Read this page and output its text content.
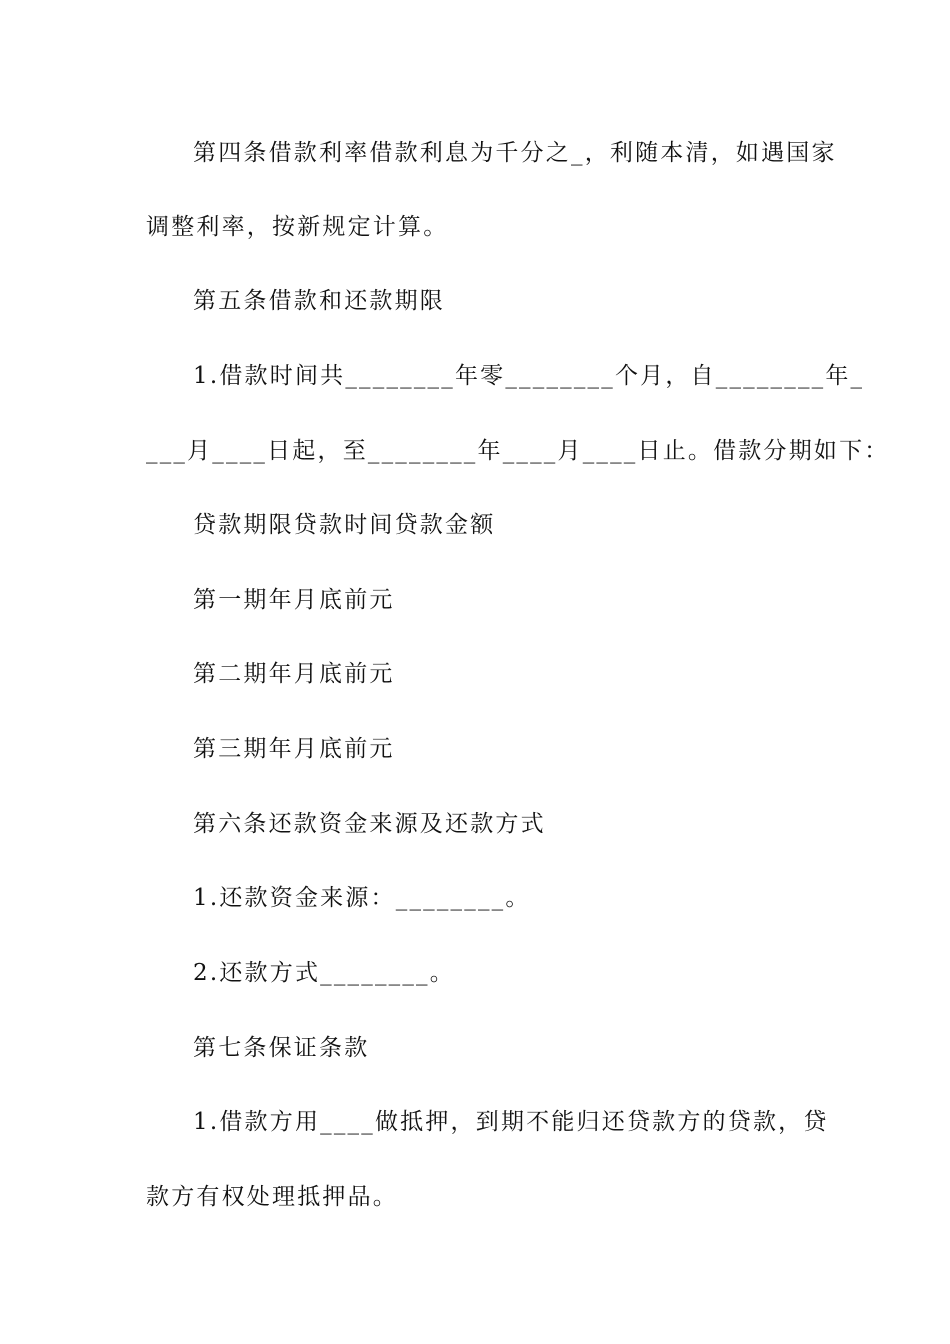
第四条借款利率借款利息为千分之_，利随本清，如遇国家
调整利率，按新规定计算。
第五条借款和还款期限
1.借款时间共________年零________个月，自________年_
___月____日起，至________年____月____日止。借款分期如下：
贷款期限贷款时间贷款金额
第一期年月底前元
第二期年月底前元
第三期年月底前元
第六条还款资金来源及还款方式
1.还款资金来源：________。
2.还款方式________。
第七条保证条款
1.借款方用____做抵押，到期不能归还贷款方的贷款，贷
款方有权处理抵押品。
